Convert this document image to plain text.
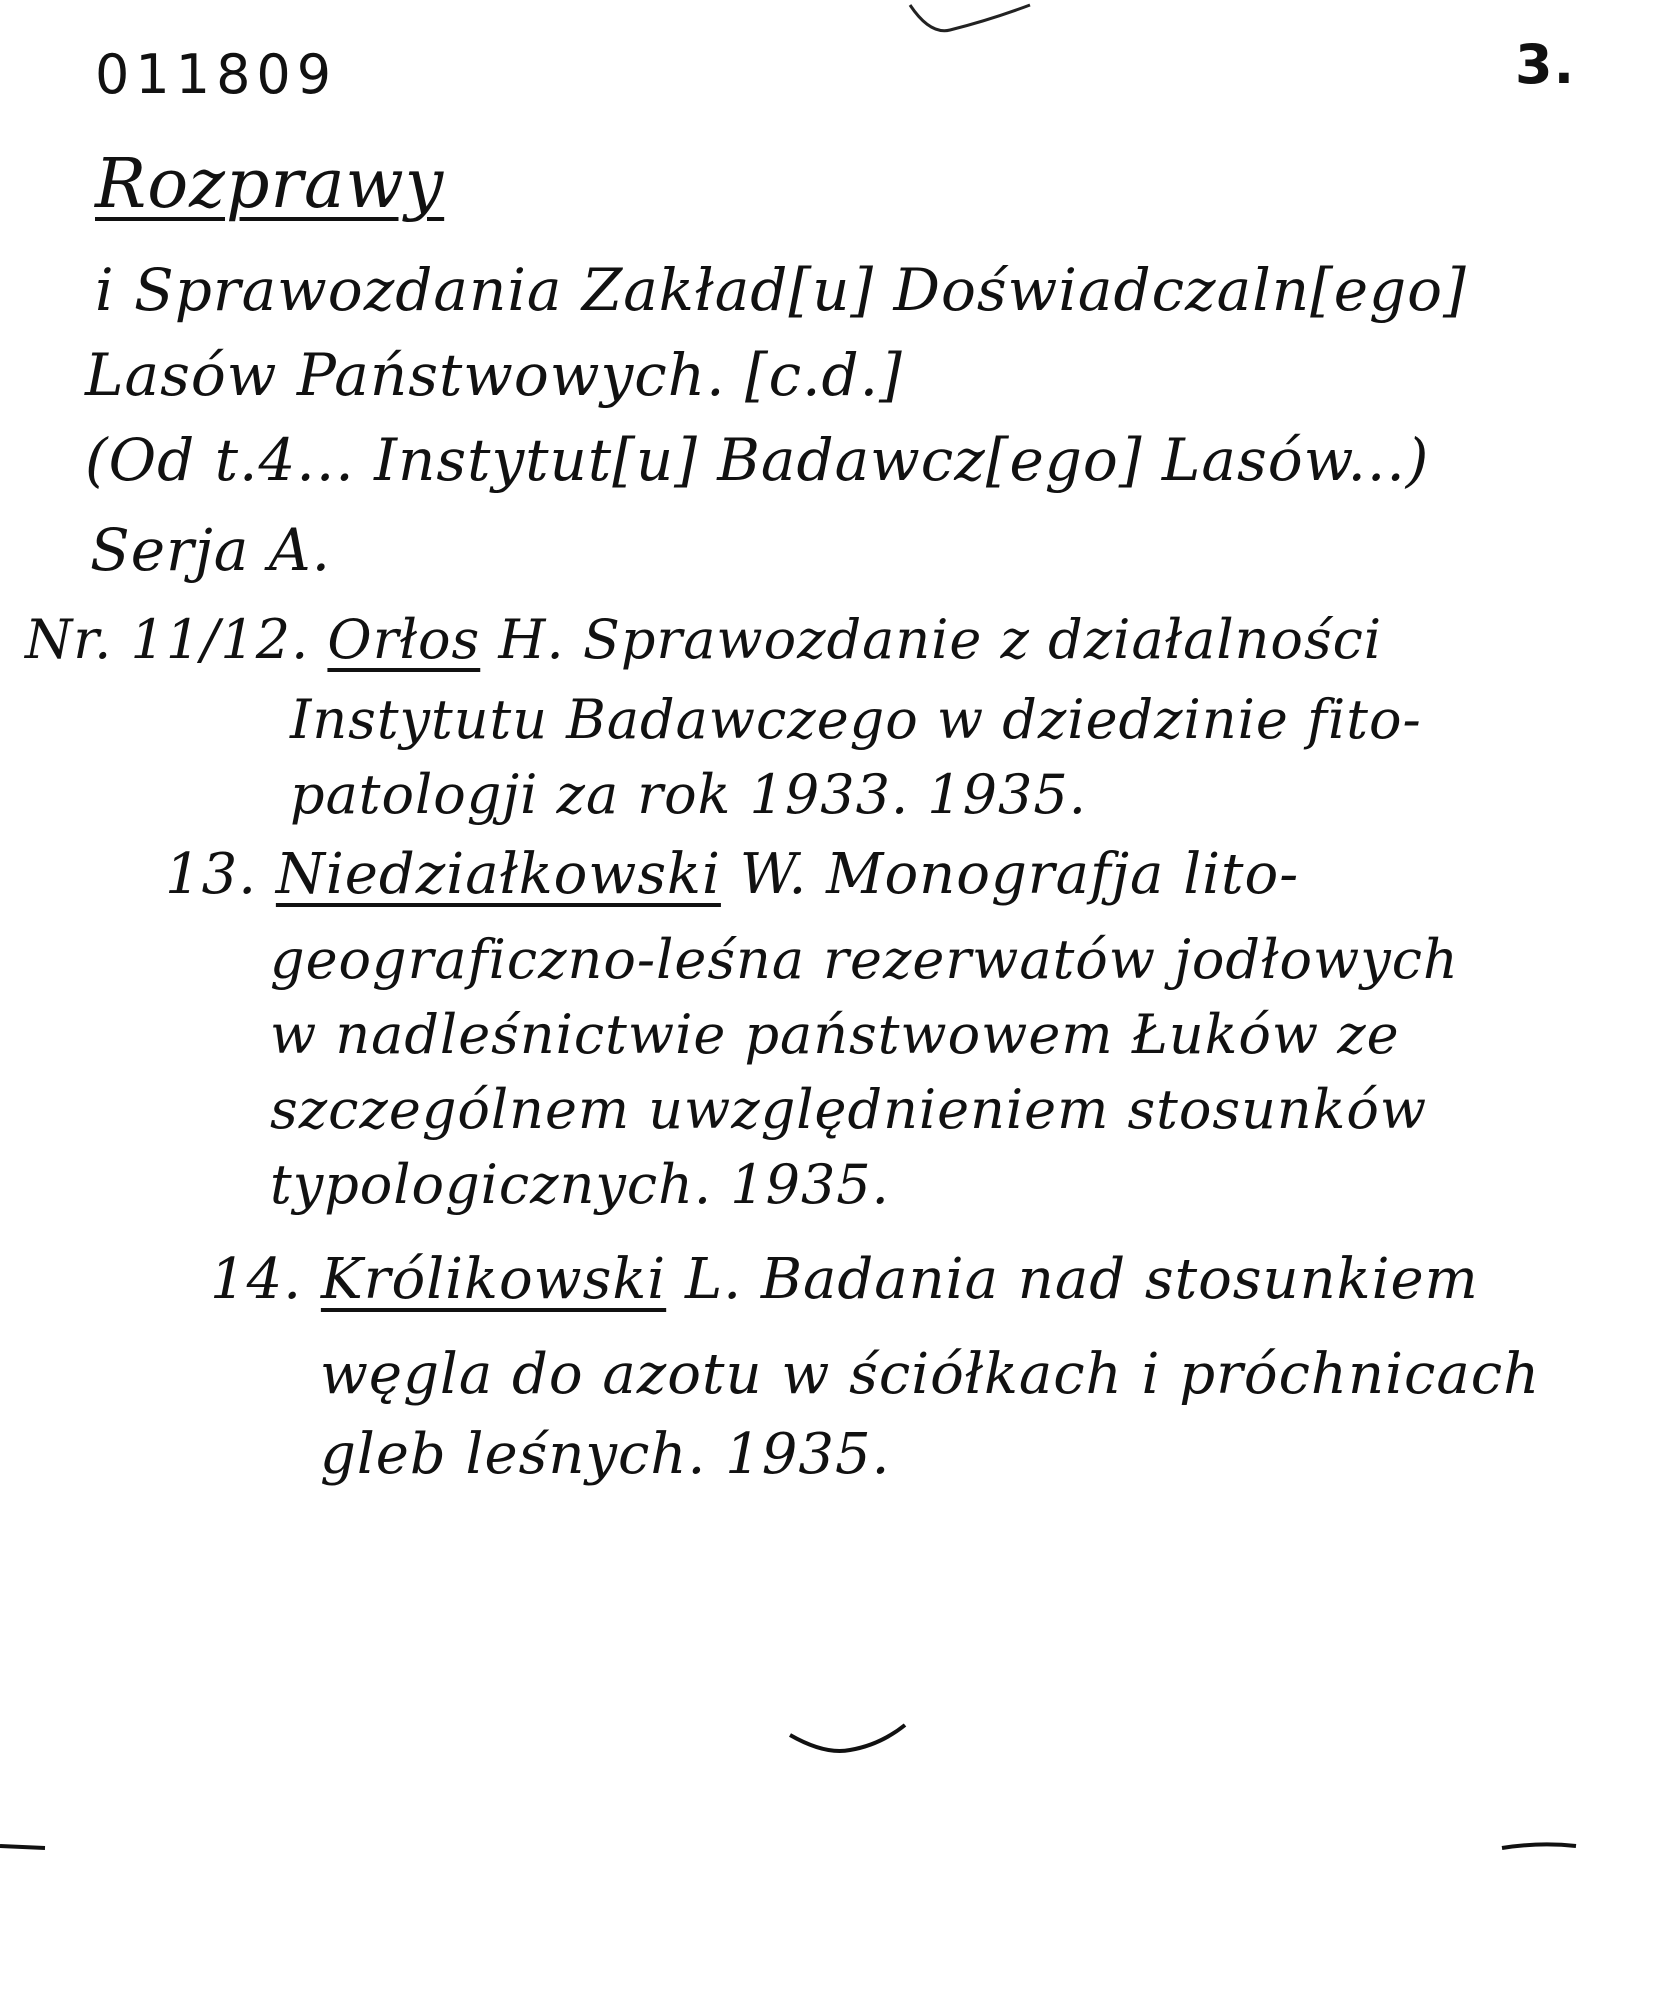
011809	3.
Rozprawy
i Sprawozdania Zakład[u] Doświadczaln[ego]
Lasów Państwowych. [c.d.]
(Od t.4... Instytut[u] Badawcz[ego] Lasów...)
Serja A.
Nr. 11/12. Orłos H. Sprawozdanie z działalności
Instytutu Badawczego w dziedzinie fito-
patologji za rok 1933. 1935.
13. Niedziałkowski W. Monografja lito-
geograficzno-leśna rezerwatów jodłowych
w nadleśnictwie państwowem Łuków ze
szczególnem uwzględnieniem stosunków
typologicznych. 1935.
14. Królikowski L. Badania nad stosunkiem
węgla do azotu w ściółkach i próchnicach
gleb leśnych. 1935.
